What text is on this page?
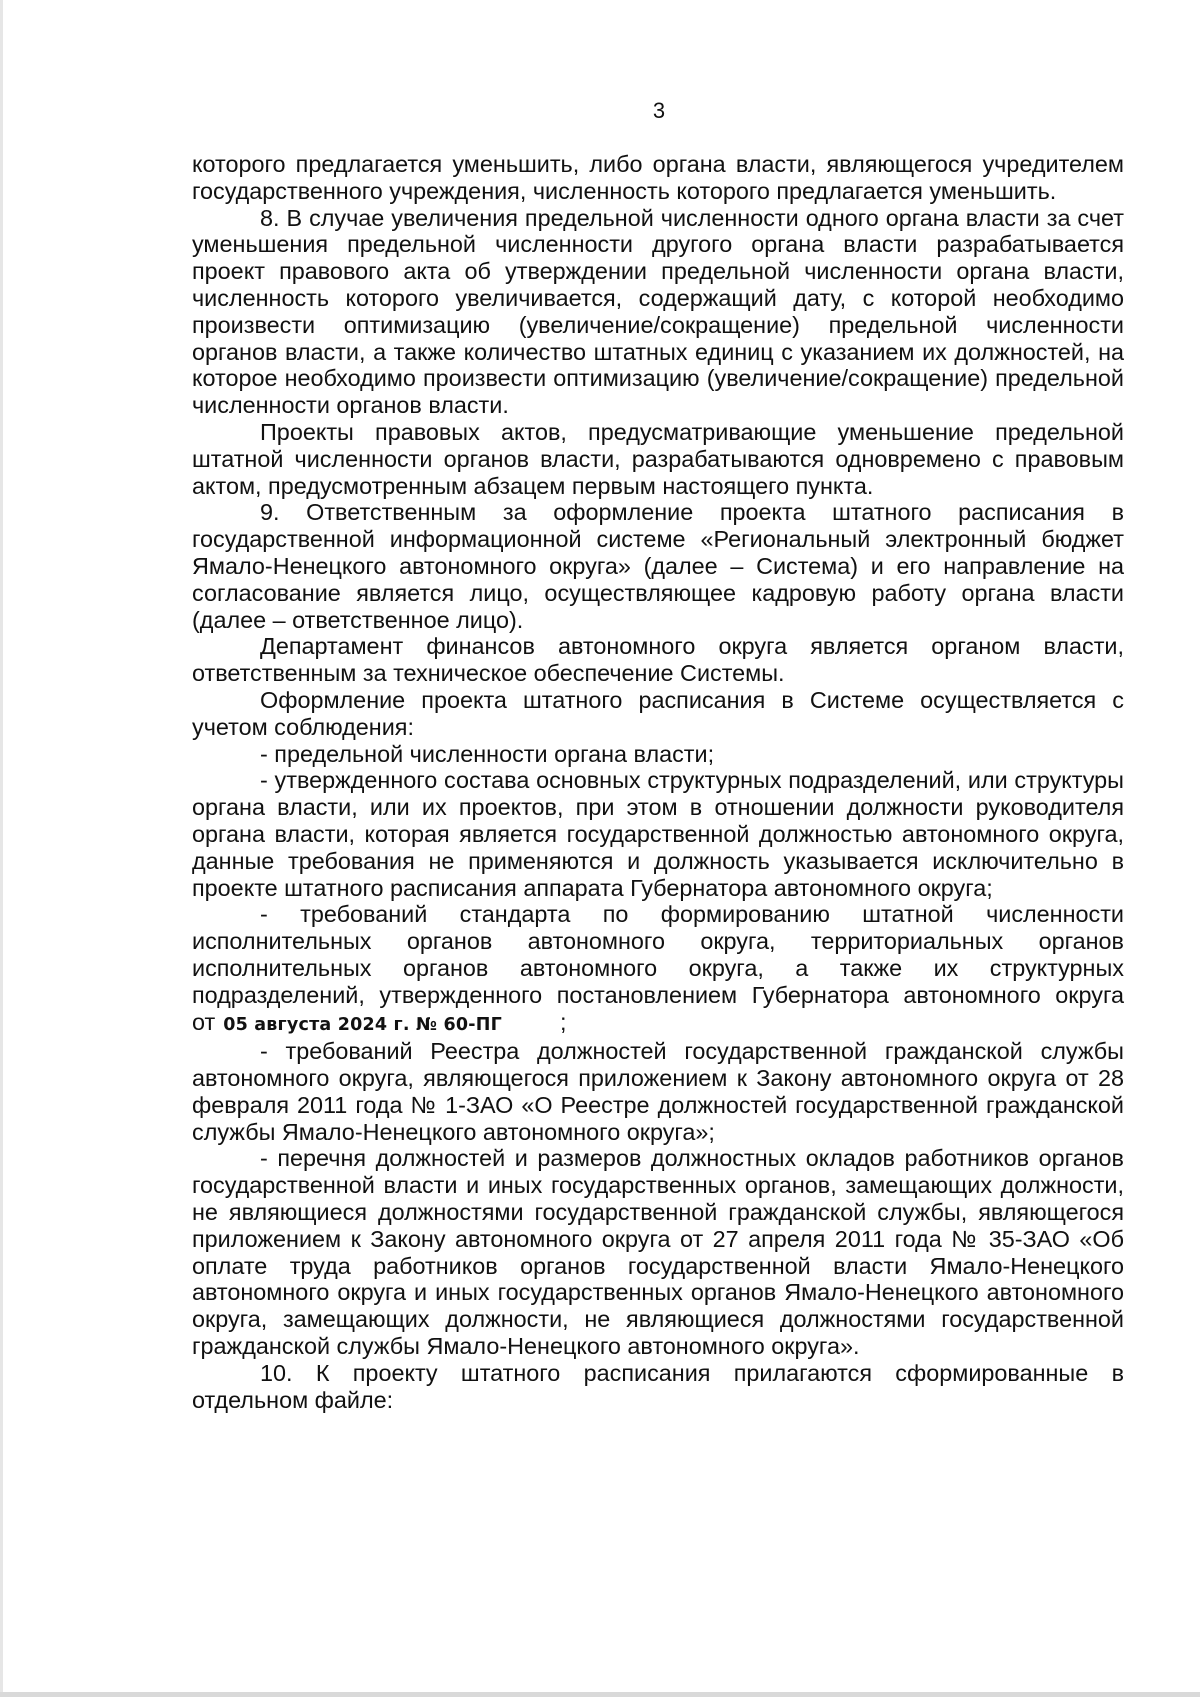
3

которого предлагается уменьшить, либо органа власти, являющегося учредителем государственного учреждения, численность которого предлагается уменьшить.

8. В случае увеличения предельной численности одного органа власти за счет уменьшения предельной численности другого органа власти разрабатывается проект правового акта об утверждении предельной численности органа власти, численность которого увеличивается, содержащий дату, с которой необходимо произвести оптимизацию (увеличение/сокращение) предельной численности органов власти, а также количество штатных единиц с указанием их должностей, на которое необходимо произвести оптимизацию (увеличение/сокращение) предельной численности органов власти.

Проекты правовых актов, предусматривающие уменьшение предельной штатной численности органов власти, разрабатываются одновремено с правовым актом, предусмотренным абзацем первым настоящего пункта.

9. Ответственным за оформление проекта штатного расписания в государственной информационной системе «Региональный электронный бюджет Ямало-Ненецкого автономного округа» (далее – Система) и его направление на согласование является лицо, осуществляющее кадровую работу органа власти (далее – ответственное лицо).

Департамент финансов автономного округа является органом власти, ответственным за техническое обеспечение Системы.

Оформление проекта штатного расписания в Системе осуществляется с учетом соблюдения:

- предельной численности органа власти;

- утвержденного состава основных структурных подразделений, или структуры органа власти, или их проектов, при этом в отношении должности руководителя органа власти, которая является государственной должностью автономного округа, данные требования не применяются и должность указывается исключительно в проекте штатного расписания аппарата Губернатора автономного округа;

- требований стандарта по формированию штатной численности исполнительных органов автономного округа, территориальных органов исполнительных органов автономного округа, а также их структурных подразделений, утвержденного постановлением Губернатора автономного округа от 05 августа 2024 г. № 60-ПГ ;

- требований Реестра должностей государственной гражданской службы автономного округа, являющегося приложением к Закону автономного округа от 28 февраля 2011 года № 1-ЗАО «О Реестре должностей государственной гражданской службы Ямало-Ненецкого автономного округа»;

- перечня должностей и размеров должностных окладов работников органов государственной власти и иных государственных органов, замещающих должности, не являющиеся должностями государственной гражданской службы, являющегося приложением к Закону автономного округа от 27 апреля 2011 года № 35-ЗАО «Об оплате труда работников органов государственной власти Ямало-Ненецкого автономного округа и иных государственных органов Ямало-Ненецкого автономного округа, замещающих должности, не являющиеся должностями государственной гражданской службы Ямало-Ненецкого автономного округа».

10. К проекту штатного расписания прилагаются сформированные в отдельном файле:
